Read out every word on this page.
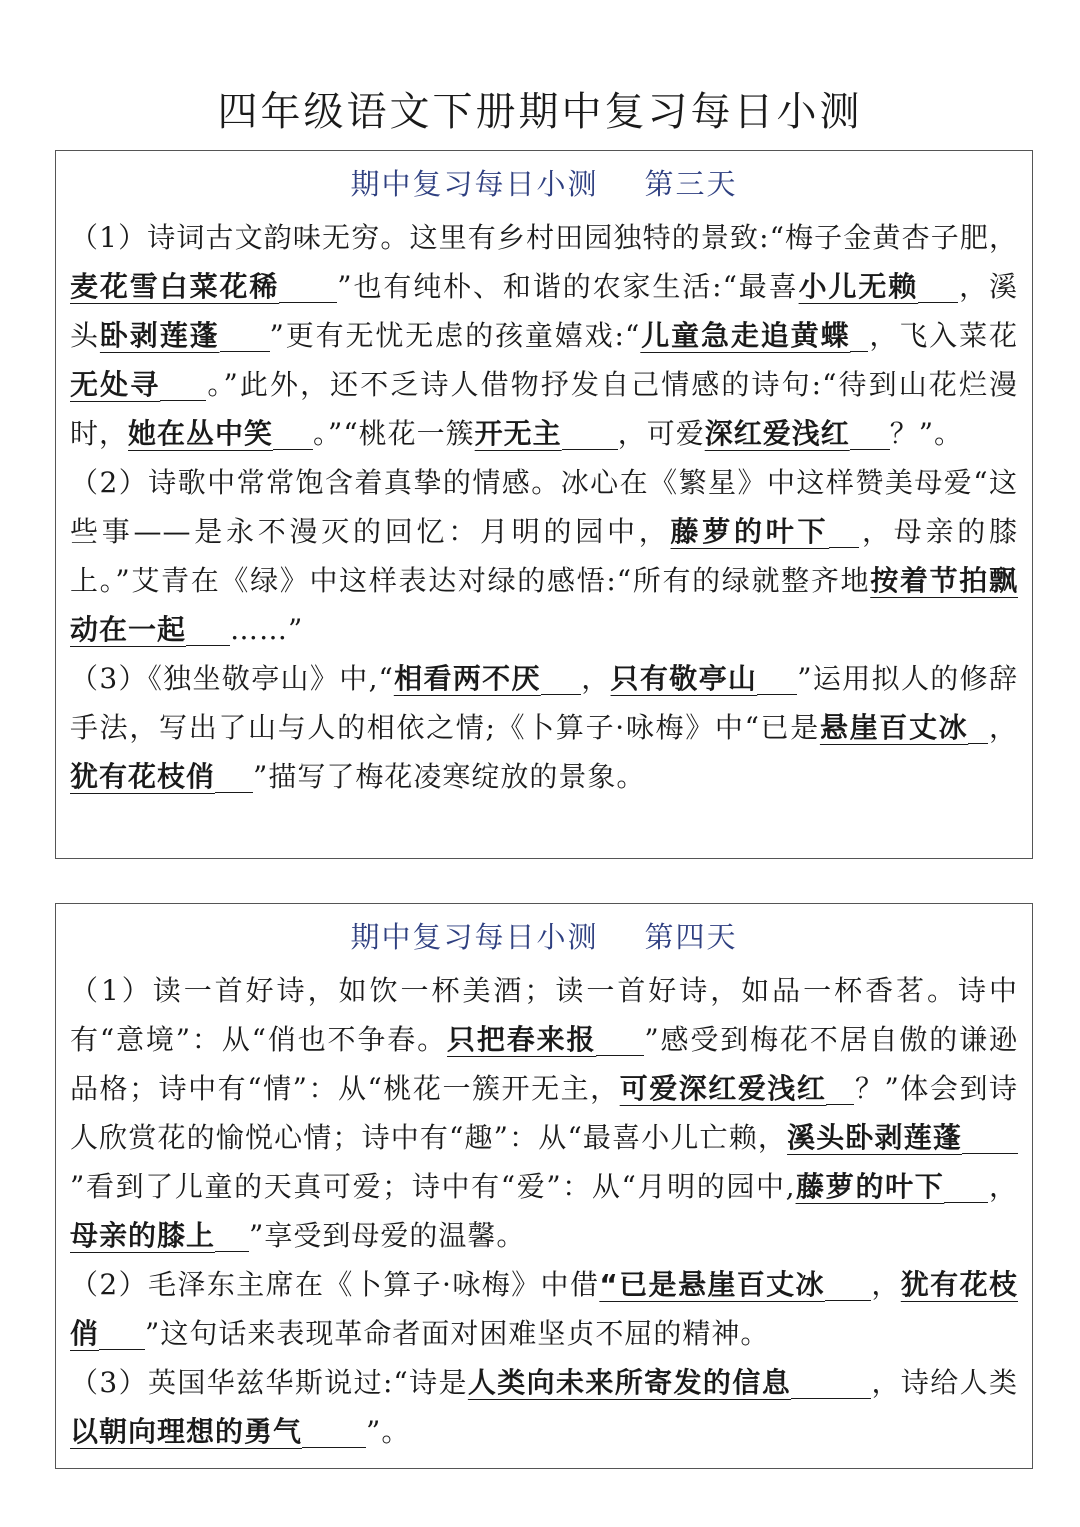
四年级语文下册期中复习每日小测

期中复习每日小测 第三天

（1）诗词古文韵味无穷。这里有乡村田园独特的景致:“梅子金黄杏子肥，麦花雪白菜花稀 ”也有纯朴、和谐的农家生活:“最喜小儿无赖 ，溪头卧剥莲蓬 ”更有无忧无虑的孩童嬉戏:“儿童急走追黄蝶 ，飞入菜花无处寻 。”此外，还不乏诗人借物抒发自己情感的诗句:“待到山花烂漫时，她在丛中笑 。”“桃花一簇开无主 ，可爱深红爱浅红 ？”。

（2）诗歌中常常饱含着真挚的情感。冰心在《繁星》中这样赞美母爱“这些事——是永不漫灭的回忆：月明的园中，藤萝的叶下 ，母亲的膝上。”艾青在《绿》中这样表达对绿的感悟:“所有的绿就整齐地按着节拍飘动在一起 ……”

（3）《独坐敬亭山》中,“相看两不厌 ，只有敬亭山 ”运用拟人的修辞手法，写出了山与人的相依之情;《卜算子·咏梅》中“已是悬崖百丈冰 ，犹有花枝俏 ”描写了梅花凌寒绽放的景象。

期中复习每日小测 第四天

（1）读一首好诗，如饮一杯美酒；读一首好诗，如品一杯香茗。诗中有“意境”：从“俏也不争春。只把春来报 ”感受到梅花不居自傲的谦逊品格；诗中有“情”：从“桃花一簇开无主，可爱深红爱浅红 ？”体会到诗人欣赏花的愉悦心情；诗中有“趣”：从“最喜小儿亡赖，溪头卧剥莲蓬”看到了儿童的天真可爱；诗中有“爱”：从“月明的园中,藤萝的叶下 ，母亲的膝上 ”享受到母爱的温馨。

（2）毛泽东主席在《卜算子·咏梅》中借“已是悬崖百丈冰 ，犹有花枝俏 ”这句话来表现革命者面对困难坚贞不屈的精神。

（3）英国华兹华斯说过:“诗是人类向未来所寄发的信息	，诗给人类以朝向理想的勇气 ”。
